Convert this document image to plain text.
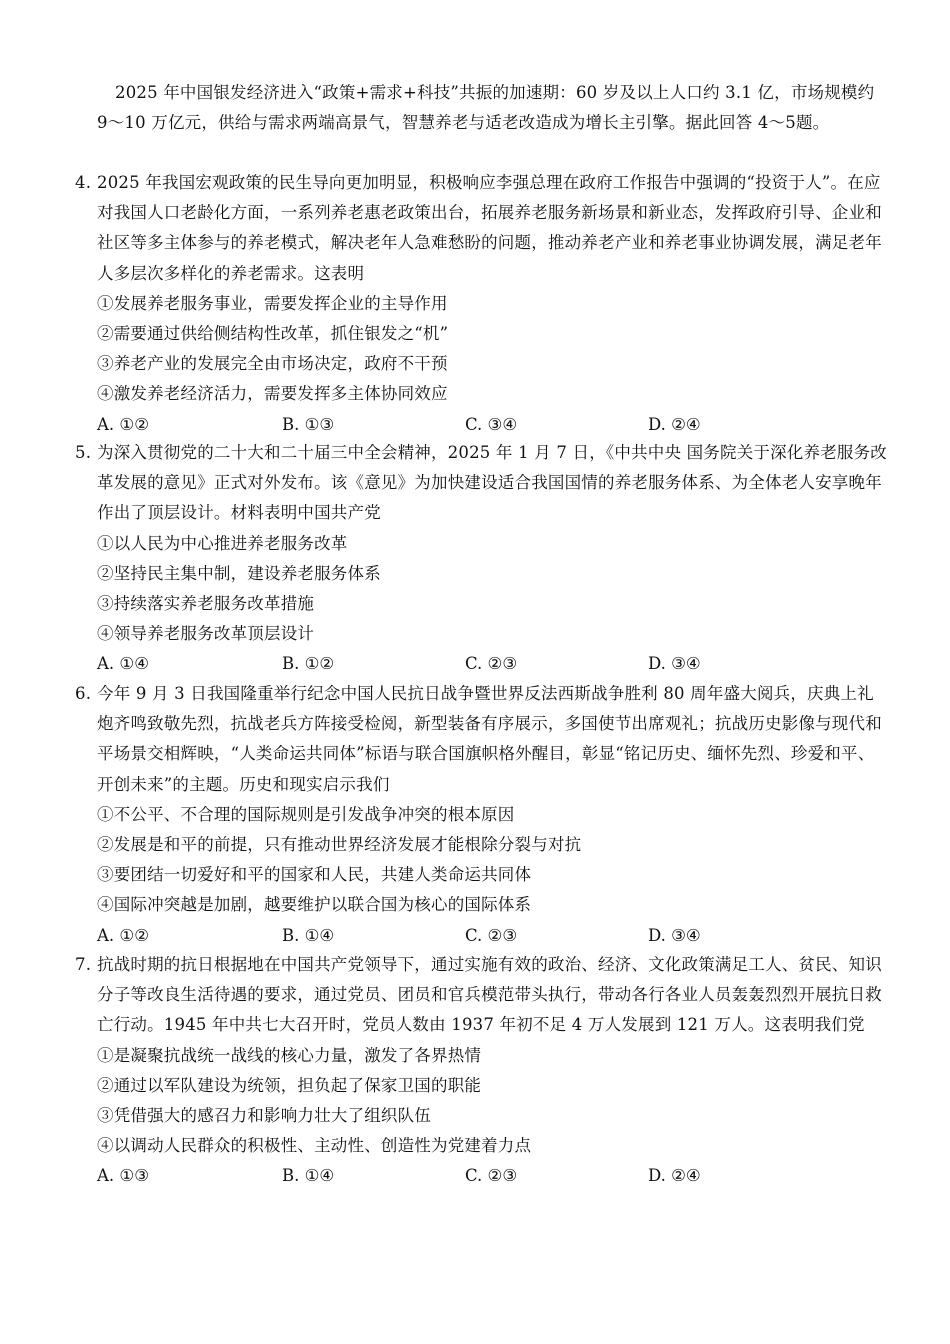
2025 年中国银发经济进入“政策+需求+科技”共振的加速期：60 岁及以上人口约 3.1 亿，市场规模约 9～10 万亿元，供给与需求两端高景气，智慧养老与适老改造成为增长主引擎。据此回答 4～5题。

4. 2025 年我国宏观政策的民生导向更加明显，积极响应李强总理在政府工作报告中强调的“投资于人”。在应对我国人口老龄化方面，一系列养老惠老政策出台，拓展养老服务新场景和新业态，发挥政府引导、企业和社区等多主体参与的养老模式，解决老年人急难愁盼的问题，推动养老产业和养老事业协调发展，满足老年人多层次多样化的养老需求。这表明

①发展养老服务事业，需要发挥企业的主导作用

②需要通过供给侧结构性改革，抓住银发之“机”

③养老产业的发展完全由市场决定，政府不干预

④激发养老经济活力，需要发挥多主体协同效应

A. ①②	B. ①③	C. ③④	D. ②④

5. 为深入贯彻党的二十大和二十届三中全会精神，2025 年 1 月 7 日，《中共中央 国务院关于深化养老服务改革发展的意见》正式对外发布。该《意见》为加快建设适合我国国情的养老服务体系、为全体老人安享晚年作出了顶层设计。材料表明中国共产党

①以人民为中心推进养老服务改革

②坚持民主集中制，建设养老服务体系

③持续落实养老服务改革措施

④领导养老服务改革顶层设计

A. ①④	B. ①②	C. ②③	D. ③④

6. 今年 9 月 3 日我国隆重举行纪念中国人民抗日战争暨世界反法西斯战争胜利 80 周年盛大阅兵，庆典上礼炮齐鸣致敬先烈，抗战老兵方阵接受检阅，新型装备有序展示，多国使节出席观礼；抗战历史影像与现代和平场景交相辉映，“人类命运共同体”标语与联合国旗帜格外醒目，彰显“铭记历史、缅怀先烈、珍爱和平、开创未来”的主题。历史和现实启示我们

①不公平、不合理的国际规则是引发战争冲突的根本原因

②发展是和平的前提，只有推动世界经济发展才能根除分裂与对抗

③要团结一切爱好和平的国家和人民，共建人类命运共同体

④国际冲突越是加剧，越要维护以联合国为核心的国际体系

A. ①②	B. ①④	C. ②③	D. ③④

7. 抗战时期的抗日根据地在中国共产党领导下，通过实施有效的政治、经济、文化政策满足工人、贫民、知识分子等改良生活待遇的要求，通过党员、团员和官兵模范带头执行，带动各行各业人员轰轰烈烈开展抗日救亡行动。1945 年中共七大召开时，党员人数由 1937 年初不足 4 万人发展到 121 万人。这表明我们党

①是凝聚抗战统一战线的核心力量，激发了各界热情

②通过以军队建设为统领，担负起了保家卫国的职能

③凭借强大的感召力和影响力壮大了组织队伍

④以调动人民群众的积极性、主动性、创造性为党建着力点

A. ①③	B. ①④	C. ②③	D. ②④
